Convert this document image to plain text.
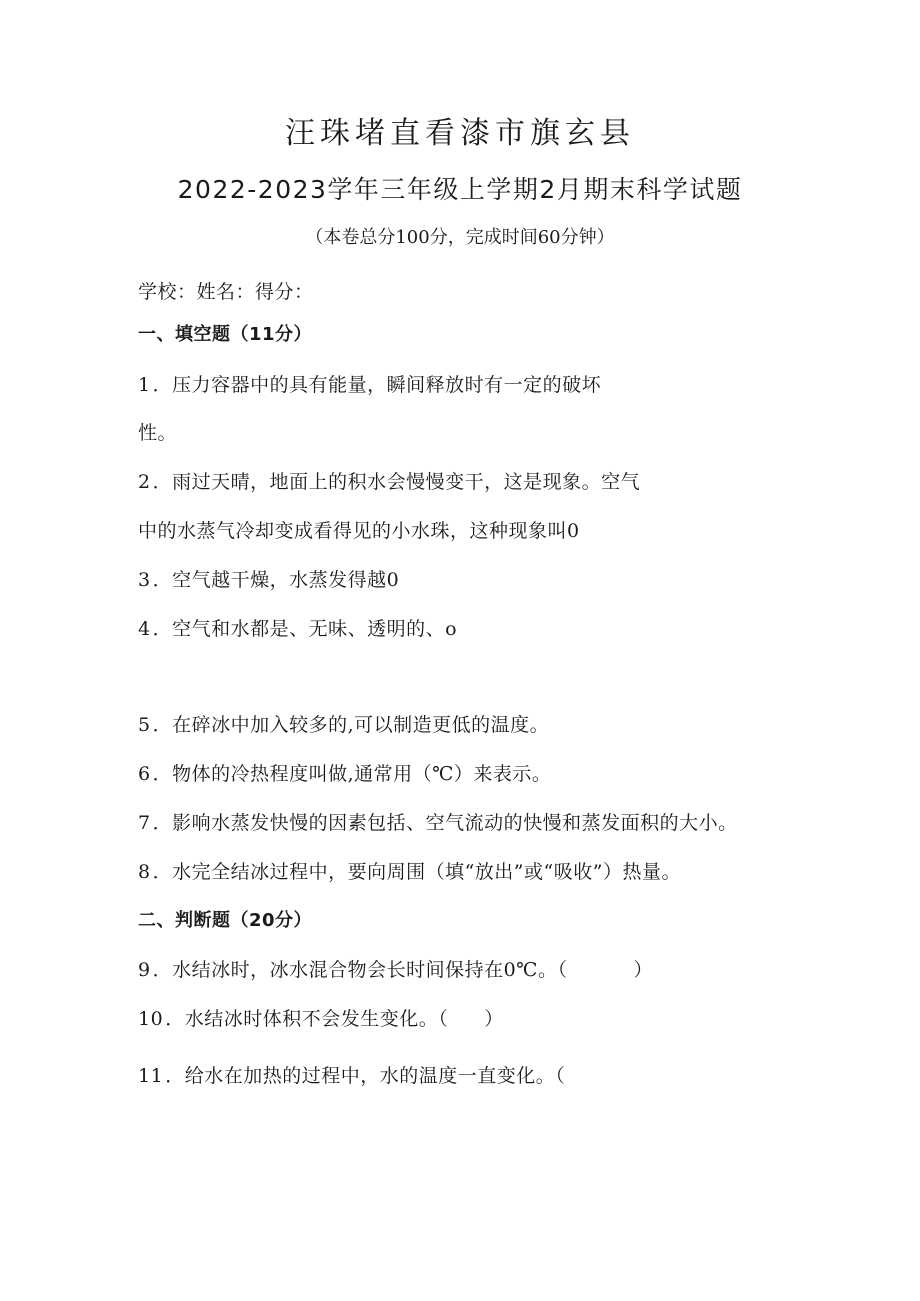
汪珠堵直看漆市旗玄县
2022-2023学年三年级上学期2月期末科学试题
（本卷总分100分，完成时间60分钟）
学校：姓名：得分：
一、填空题（11分）
1 ．压力容器中的具有能量，瞬间释放时有一定的破坏
性。
2 ．雨过天晴，地面上的积水会慢慢变干，这是现象。空气
中的水蒸气冷却变成看得见的小水珠，这种现象叫0
3 ．空气越干燥，水蒸发得越0
4 ．空气和水都是、无味、透明的、o
5 ．在碎冰中加入较多的,可以制造更低的温度。
6 ．物体的冷热程度叫做,通常用（℃）来表示。
7 ．影响水蒸发快慢的因素包括、空气流动的快慢和蒸发面积的大小。
8 ．水完全结冰过程中，要向周围（填“放出”或“吸收”）热量。
二、判断题（20分）
9 ．水结冰时，冰水混合物会长时间保持在0℃。（	）
10 ．水结冰时体积不会发生变化。（ ）
11 ．给水在加热的过程中，水的温度一直变化。（
